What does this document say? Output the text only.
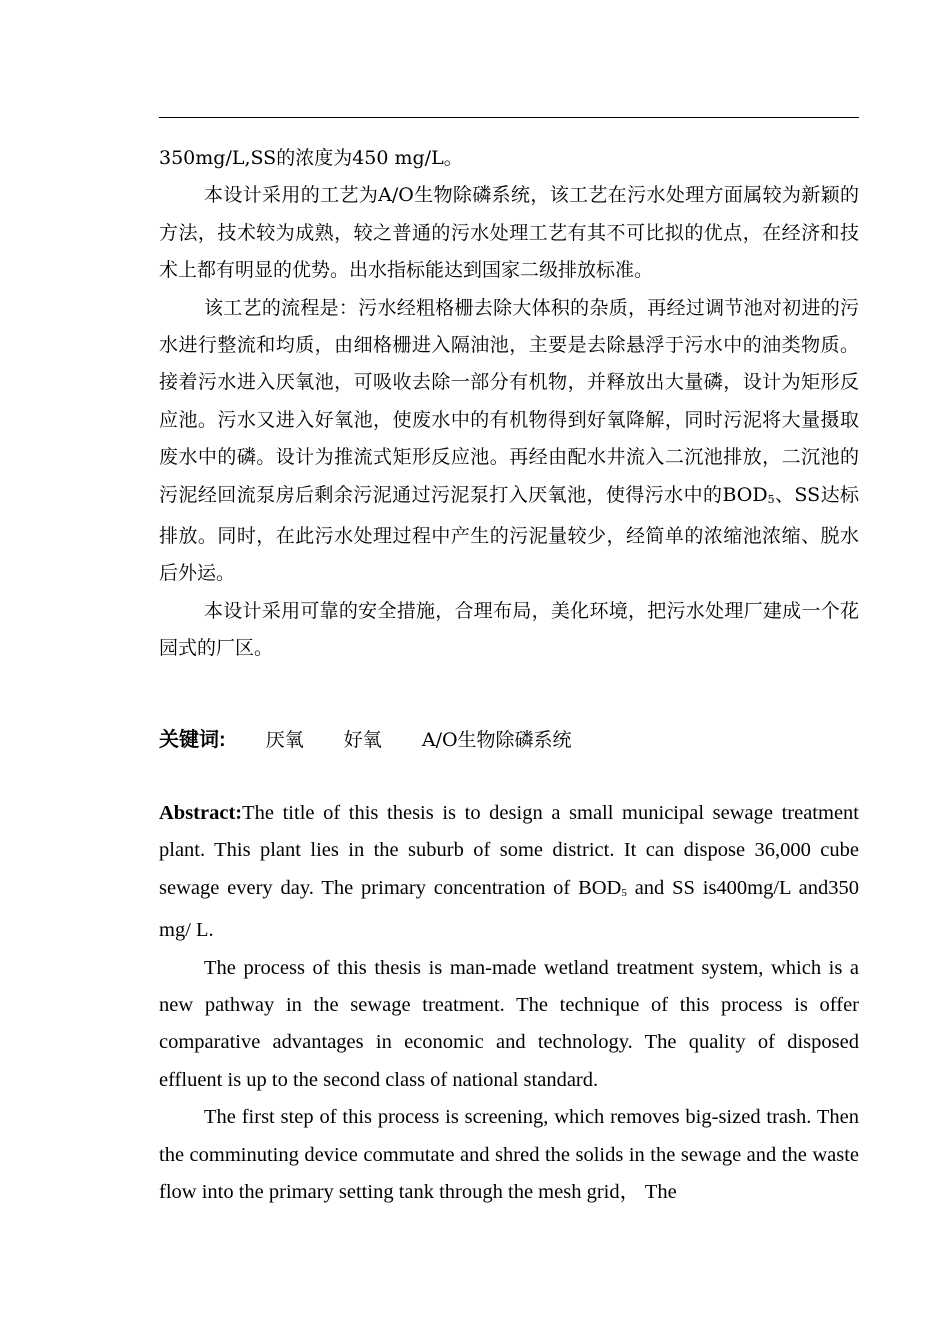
350mg/L,SS的浓度为450 mg/L。

本设计采用的工艺为A/O生物除磷系统，该工艺在污水处理方面属较为新颖的方法，技术较为成熟，较之普通的污水处理工艺有其不可比拟的优点，在经济和技术上都有明显的优势。出水指标能达到国家二级排放标准。

该工艺的流程是：污水经粗格栅去除大体积的杂质，再经过调节池对初进的污水进行整流和均质，由细格栅进入隔油池，主要是去除悬浮于污水中的油类物质。接着污水进入厌氧池，可吸收去除一部分有机物，并释放出大量磷，设计为矩形反应池。污水又进入好氧池，使废水中的有机物得到好氧降解，同时污泥将大量摄取废水中的磷。设计为推流式矩形反应池。再经由配水井流入二沉池排放，二沉池的污泥经回流泵房后剩余污泥通过污泥泵打入厌氧池，使得污水中的BOD5、SS达标排放。同时，在此污水处理过程中产生的污泥量较少，经简单的浓缩池浓缩、脱水后外运。

本设计采用可靠的安全措施，合理布局，美化环境，把污水处理厂建成一个花园式的厂区。

关键词: 厌氧 好氧 A/O生物除磷系统

Abstract:The title of this thesis is to design a small municipal sewage treatment plant. This plant lies in the suburb of some district. It can dispose 36,000 cube sewage every day. The primary concentration of BOD5 and SS is400mg/L and350 mg/ L.

The process of this thesis is man-made wetland treatment system, which is a new pathway in the sewage treatment. The technique of this process is offer comparative advantages in economic and technology. The quality of disposed effluent is up to the second class of national standard.

The first step of this process is screening, which removes big-sized trash. Then the comminuting device commutate and shred the solids in the sewage and the waste flow into the primary setting tank through the mesh grid， The
